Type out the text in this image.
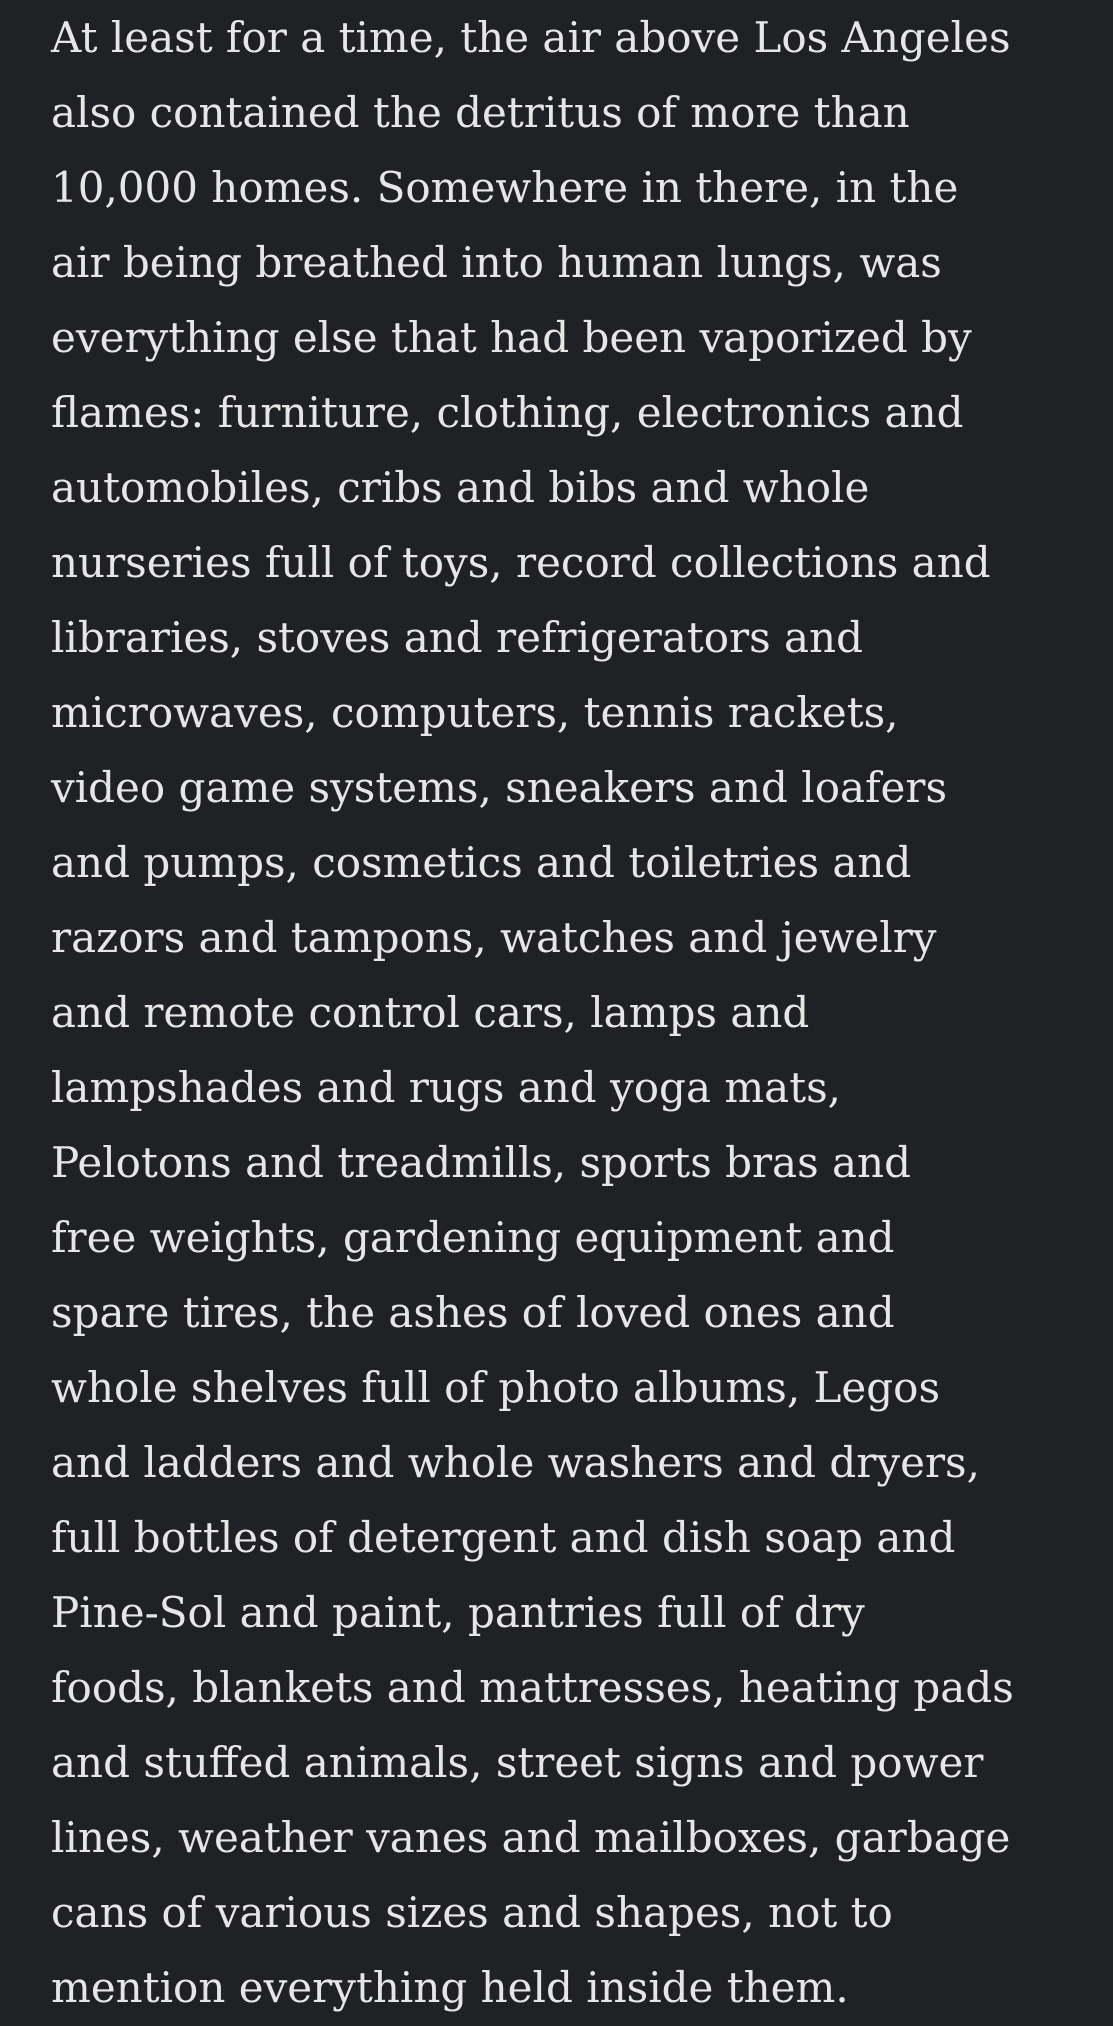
At least for a time, the air above Los Angeles
also contained the detritus of more than
10,000 homes. Somewhere in there, in the
air being breathed into human lungs, was
everything else that had been vaporized by
flames: furniture, clothing, electronics and
automobiles, cribs and bibs and whole
nurseries full of toys, record collections and
libraries, stoves and refrigerators and
microwaves, computers, tennis rackets,
video game systems, sneakers and loafers
and pumps, cosmetics and toiletries and
razors and tampons, watches and jewelry
and remote control cars, lamps and
lampshades and rugs and yoga mats,
Pelotons and treadmills, sports bras and
free weights, gardening equipment and
spare tires, the ashes of loved ones and
whole shelves full of photo albums, Legos
and ladders and whole washers and dryers,
full bottles of detergent and dish soap and
Pine-Sol and paint, pantries full of dry
foods, blankets and mattresses, heating pads
and stuffed animals, street signs and power
lines, weather vanes and mailboxes, garbage
cans of various sizes and shapes, not to
mention everything held inside them.
